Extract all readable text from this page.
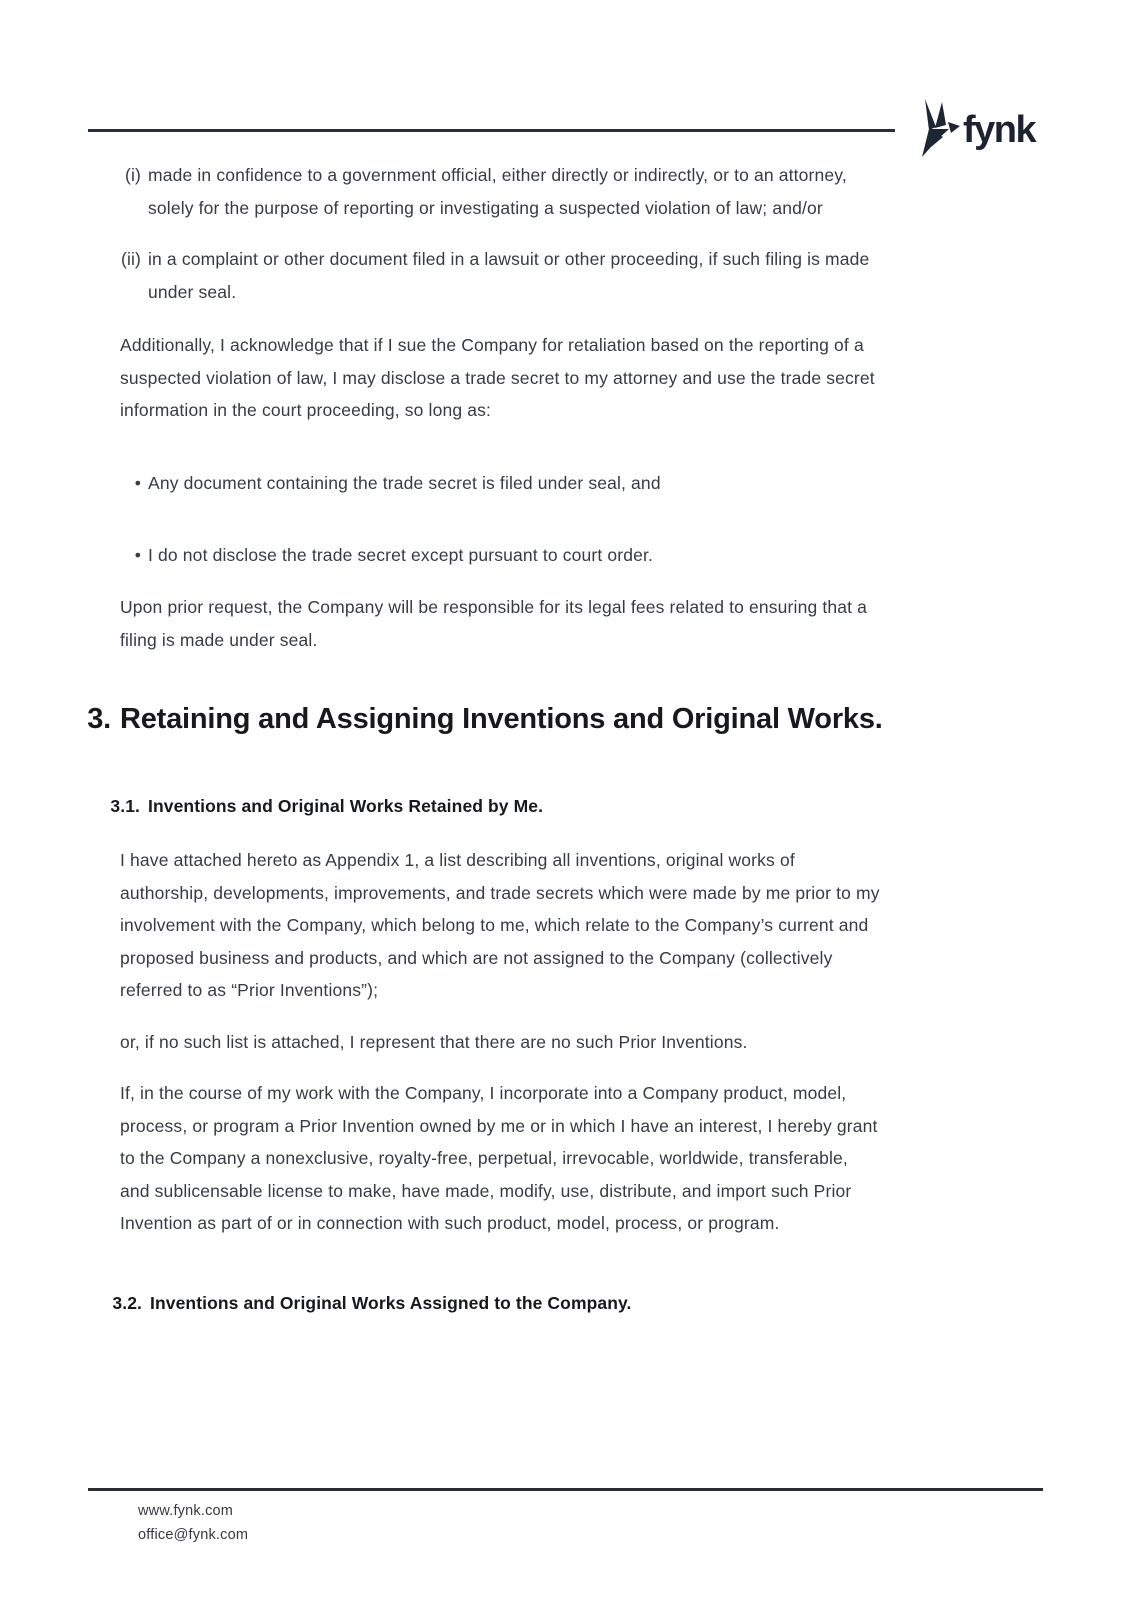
fynk
(i) made in confidence to a government official, either directly or indirectly, or to an attorney,
solely for the purpose of reporting or investigating a suspected violation of law; and/or
(ii) in a complaint or other document filed in a lawsuit or other proceeding, if such filing is made
under seal.
Additionally, I acknowledge that if I sue the Company for retaliation based on the reporting of a
suspected violation of law, I may disclose a trade secret to my attorney and use the trade secret
information in the court proceeding, so long as:
• Any document containing the trade secret is filed under seal, and
• I do not disclose the trade secret except pursuant to court order.
Upon prior request, the Company will be responsible for its legal fees related to ensuring that a
filing is made under seal.
3. Retaining and Assigning Inventions and Original Works.
3.1. Inventions and Original Works Retained by Me.
I have attached hereto as Appendix 1, a list describing all inventions, original works of
authorship, developments, improvements, and trade secrets which were made by me prior to my
involvement with the Company, which belong to me, which relate to the Company’s current and
proposed business and products, and which are not assigned to the Company (collectively
referred to as “Prior Inventions”);
or, if no such list is attached, I represent that there are no such Prior Inventions.
If, in the course of my work with the Company, I incorporate into a Company product, model,
process, or program a Prior Invention owned by me or in which I have an interest, I hereby grant
to the Company a nonexclusive, royalty-free, perpetual, irrevocable, worldwide, transferable,
and sublicensable license to make, have made, modify, use, distribute, and import such Prior
Invention as part of or in connection with such product, model, process, or program.
3.2. Inventions and Original Works Assigned to the Company.
www.fynk.com
office@fynk.com
